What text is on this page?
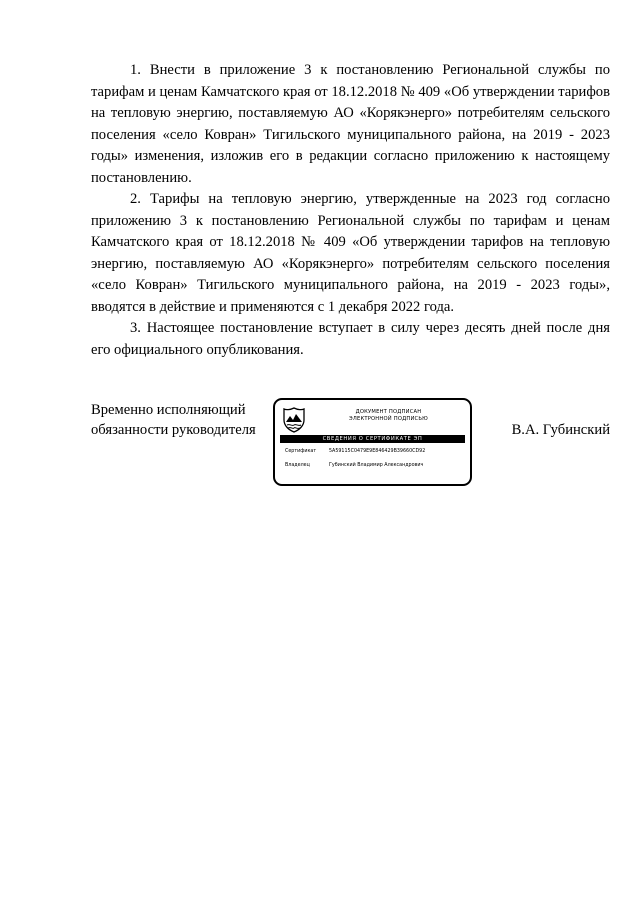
1. Внести в приложение 3 к постановлению Региональной службы по тарифам и ценам Камчатского края от 18.12.2018 № 409 «Об утверждении тарифов на тепловую энергию, поставляемую АО «Корякэнерго» потребителям сельского поселения «село Ковран» Тигильского муниципального района, на 2019 - 2023 годы» изменения, изложив его в редакции согласно приложению к настоящему постановлению.

2. Тарифы на тепловую энергию, утвержденные на 2023 год согласно приложению 3 к постановлению Региональной службы по тарифам и ценам Камчатского края от 18.12.2018 № 409 «Об утверждении тарифов на тепловую энергию, поставляемую АО «Корякэнерго» потребителям сельского поселения «село Ковран» Тигильского муниципального района, на 2019 - 2023 годы», вводятся в действие и применяются с 1 декабря 2022 года.

3. Настоящее постановление вступает в силу через десять дней после дня его официального опубликования.

Временно исполняющий
обязанности руководителя
ДОКУМЕНТ ПОДПИСАН
ЭЛЕКТРОННОЙ ПОДПИСЬЮ
СВЕДЕНИЯ О СЕРТИФИКАТЕ ЭП
Сертификат	5A59115C0479E9E846429B39660CD92
Владелец	Губинский Владимир Александрович
В.А. Губинский
